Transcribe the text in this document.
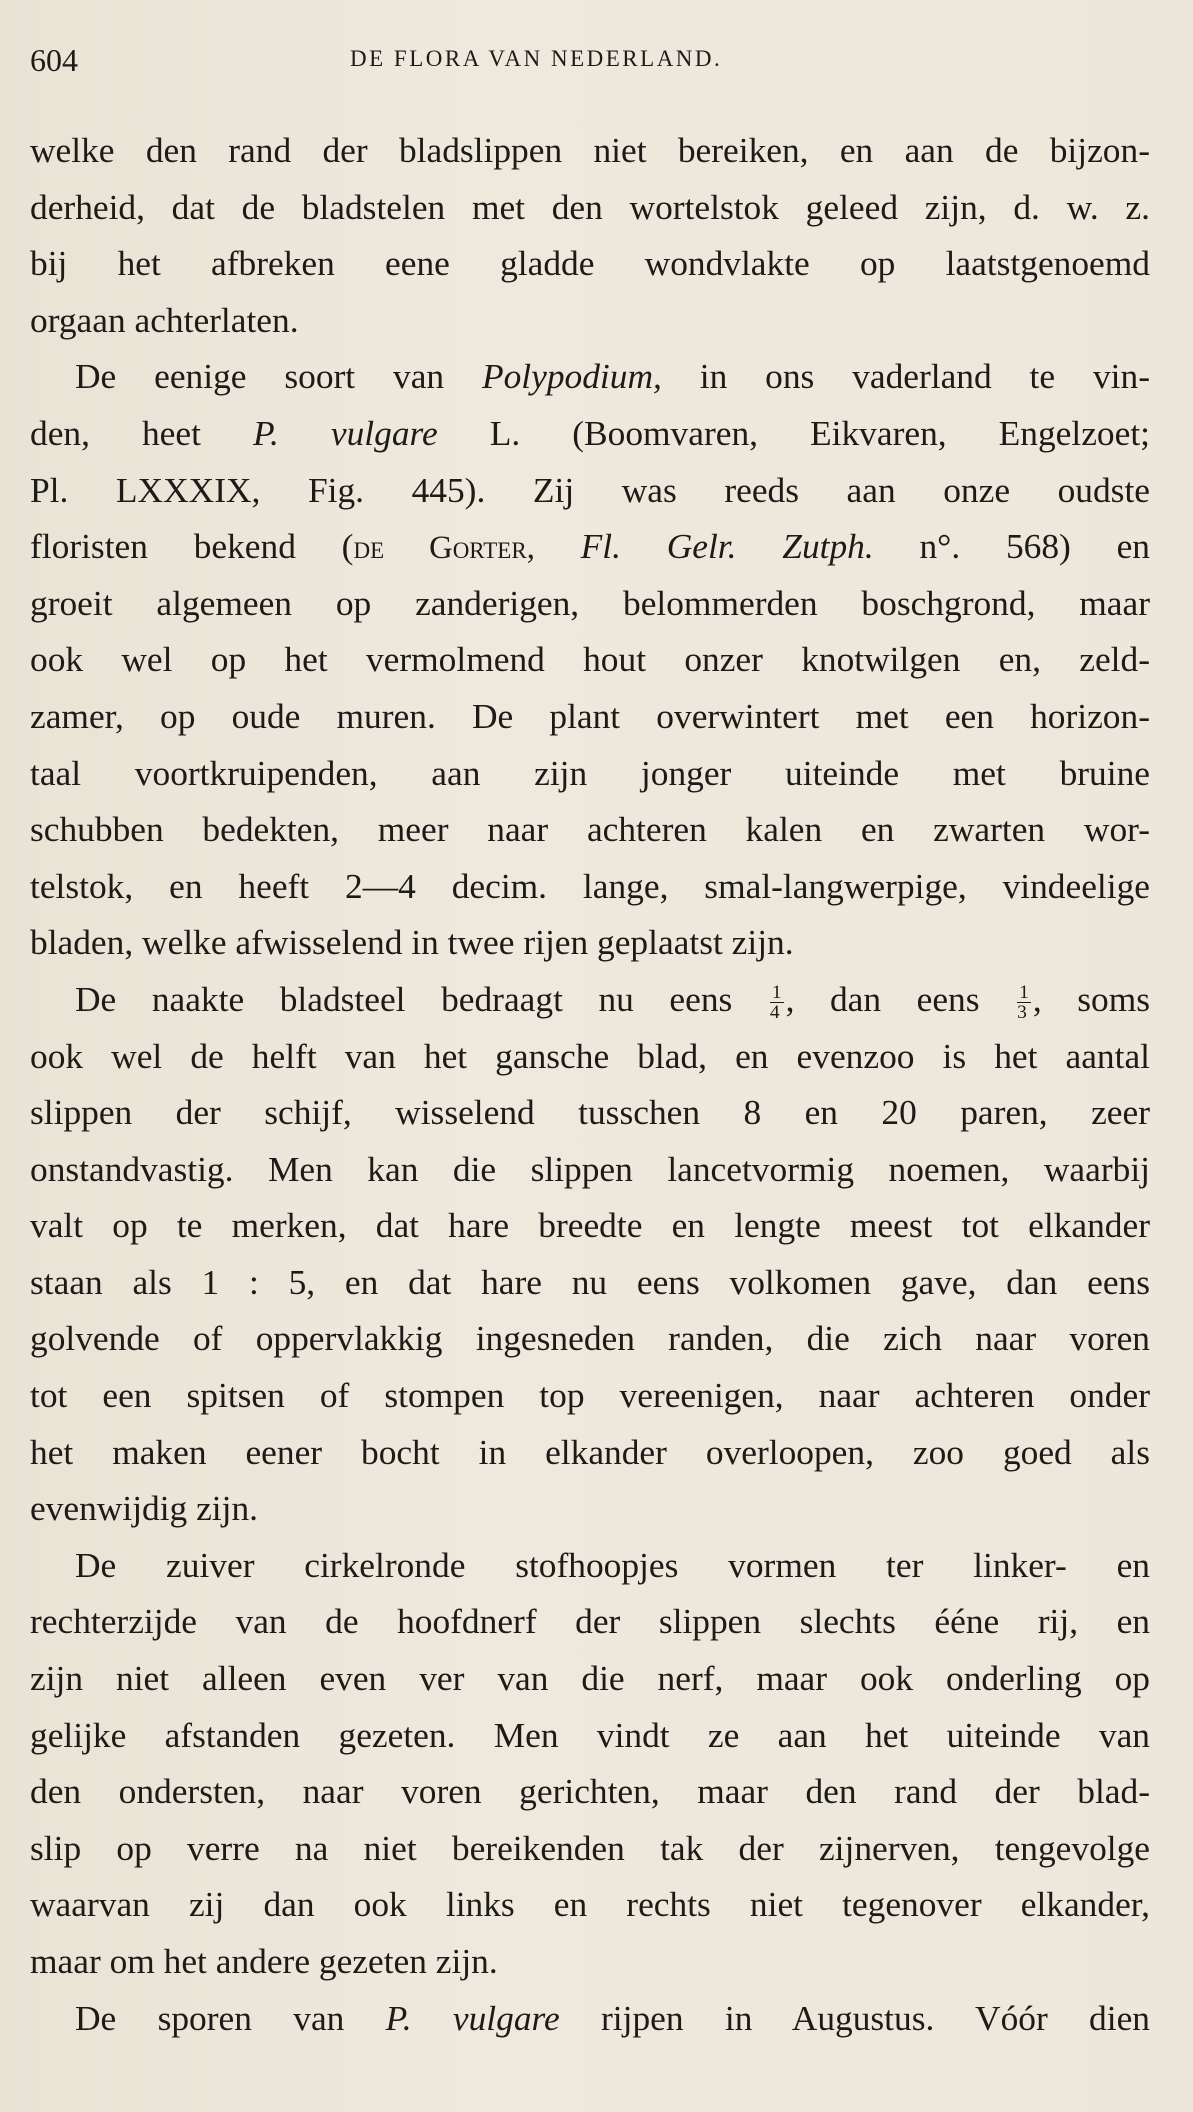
604	DE FLORA VAN NEDERLAND.
welke den rand der bladslippen niet bereiken, en aan de bijzon-
derheid, dat de bladstelen met den wortelstok geleed zijn, d. w. z.
bij het afbreken eene gladde wondvlakte op laatstgenoemd
orgaan achterlaten.
De eenige soort van Polypodium, in ons vaderland te vin-
den, heet P. vulgare L. (Boomvaren, Eikvaren, Engelzoet;
Pl. LXXXIX, Fig. 445). Zij was reeds aan onze oudste
floristen bekend (de Gorter, Fl. Gelr. Zutph. n°. 568) en
groeit algemeen op zanderigen, belommerden boschgrond, maar
ook wel op het vermolmend hout onzer knotwilgen en, zeld-
zamer, op oude muren. De plant overwintert met een horizon-
taal voortkruipenden, aan zijn jonger uiteinde met bruine
schubben bedekten, meer naar achteren kalen en zwarten wor-
telstok, en heeft 2—4 decim. lange, smal-langwerpige, vindeelige
bladen, welke afwisselend in twee rijen geplaatst zijn.
De naakte bladsteel bedraagt nu eens $\frac{1}{4}$ , dan eens $\frac{1}{3}$ , soms
ook wel de helft van het gansche blad, en evenzoo is het aantal
slippen der schijf, wisselend tusschen 8 en 20 paren, zeer
onstandvastig. Men kan die slippen lancetvormig noemen, waarbij
valt op te merken, dat hare breedte en lengte meest tot elkander
staan als 1 : 5, en dat hare nu eens volkomen gave, dan eens
golvende of oppervlakkig ingesneden randen, die zich naar voren
tot een spitsen of stompen top vereenigen, naar achteren onder
het maken eener bocht in elkander overloopen, zoo goed als
evenwijdig zijn.
De zuiver cirkelronde stofhoopjes vormen ter linker- en
rechterzijde van de hoofdnerf der slippen slechts ééne rij, en
zijn niet alleen even ver van die nerf, maar ook onderling op
gelijke afstanden gezeten. Men vindt ze aan het uiteinde van
den ondersten, naar voren gerichten, maar den rand der blad-
slip op verre na niet bereikenden tak der zijnerven, tengevolge
waarvan zij dan ook links en rechts niet tegenover elkander,
maar om het andere gezeten zijn.
De sporen van P. vulgare rijpen in Augustus. Vóór dien
